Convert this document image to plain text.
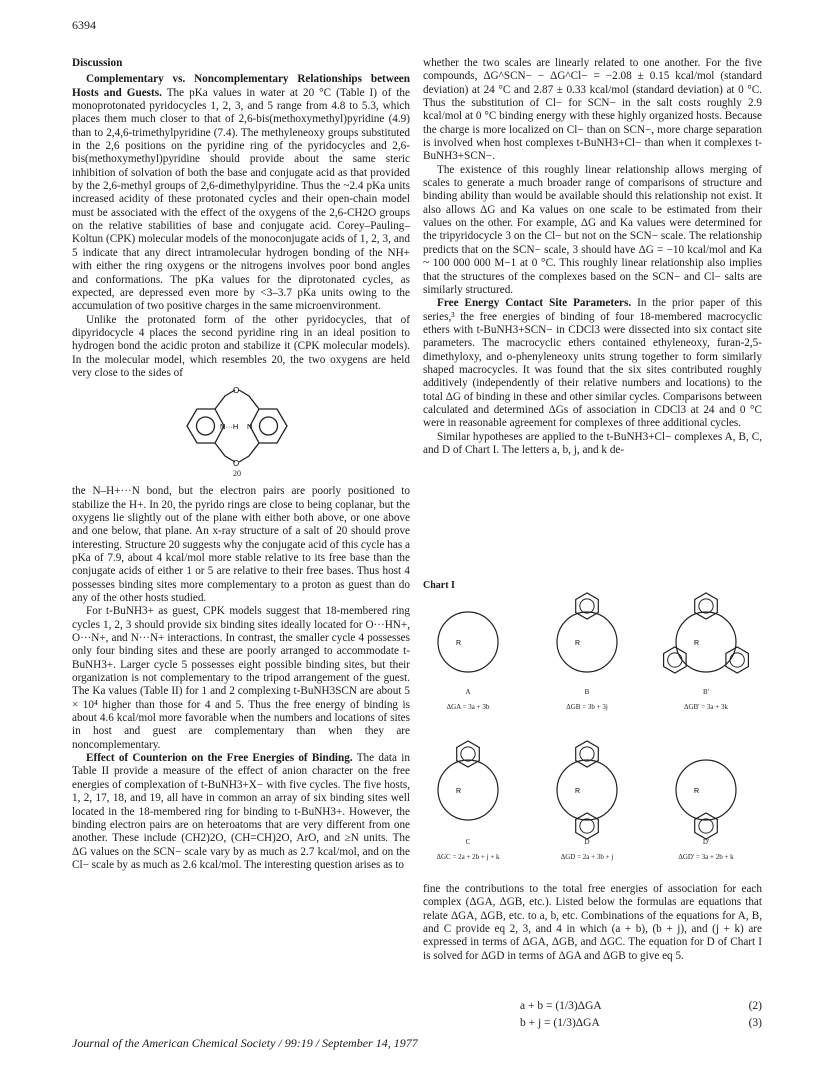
6394
Discussion

Complementary vs. Noncomplementary Relationships between Hosts and Guests. The pKa values in water at 20 °C (Table I) of the monoprotonated pyridocycles 1, 2, 3, and 5 range from 4.8 to 5.3, which places them much closer to that of 2,6-bis(methoxymethyl)pyridine (4.9) than to 2,4,6-trimethylpyridine (7.4). The methyleneoxy groups substituted in the 2,6 positions on the pyridine ring of the pyridocycles and 2,6-bis(methoxymethyl)pyridine should provide about the same steric inhibition of solvation of both the base and conjugate acid as that provided by the 2,6-methyl groups of 2,6-dimethylpyridine. Thus the ~2.4 pKa units increased acidity of these protonated cycles and their open-chain model must be associated with the effect of the oxygens of the 2,6-CH2O groups on the relative stabilities of base and conjugate acid. Corey–Pauling–Koltun (CPK) molecular models of the monoconjugate acids of 1, 2, 3, and 5 indicate that any direct intramolecular hydrogen bonding of the NH+ with either the ring oxygens or the nitrogens involves poor bond angles and conformations. The pKa values for the diprotonated cycles, as expected, are depressed even more by <3–3.7 pKa units owing to the accumulation of two positive charges in the same microenvironment.

Unlike the protonated form of the other pyridocycles, that of dipyridocycle 4 places the second pyridine ring in an ideal position to hydrogen bond the acidic proton and stabilize it (CPK molecular models). In the molecular model, which resembles 20, the two oxygens are held very close to the sides of

O
O
N···H N
20

the N–H+···N bond, but the electron pairs are poorly positioned to stabilize the H+. In 20, the pyrido rings are close to being coplanar, but the oxygens lie slightly out of the plane with either both above, or one above and one below, that plane. An x-ray structure of a salt of 20 should prove interesting. Structure 20 suggests why the conjugate acid of this cycle has a pKa of 7.9, about 4 kcal/mol more stable relative to its free base than the conjugate acids of either 1 or 5 are relative to their free bases. Thus host 4 possesses binding sites more complementary to a proton as guest than do any of the other hosts studied.

For t-BuNH3+ as guest, CPK models suggest that 18-membered ring cycles 1, 2, 3 should provide six binding sites ideally located for O···HN+, O···N+, and N···N+ interactions. In contrast, the smaller cycle 4 possesses only four binding sites and these are poorly arranged to accommodate t-BuNH3+. Larger cycle 5 possesses eight possible binding sites, but their organization is not complementary to the tripod arrangement of the guest. The Ka values (Table II) for 1 and 2 complexing t-BuNH3SCN are about 5 × 10⁴ higher than those for 4 and 5. Thus the free energy of binding is about 4.6 kcal/mol more favorable when the numbers and locations of sites in host and guest are complementary than when they are noncomplementary.

Effect of Counterion on the Free Energies of Binding. The data in Table II provide a measure of the effect of anion character on the free energies of complexation of t-BuNH3+X− with five cycles. The five hosts, 1, 2, 17, 18, and 19, all have in common an array of six binding sites well located in the 18-membered ring for binding to t-BuNH3+. However, the binding electron pairs are on heteroatoms that are very different from one another. These include (CH2)2O, (CH=CH)2O, ArO, and ≥N units. The ΔG values on the SCN− scale vary by as much as 2.7 kcal/mol, and on the Cl− scale by as much as 2.6 kcal/mol. The interesting question arises as to

whether the two scales are linearly related to one another. For the five compounds, ΔG^SCN− − ΔG^Cl− = −2.08 ± 0.15 kcal/mol (standard deviation) at 24 °C and 2.87 ± 0.33 kcal/mol (standard deviation) at 0 °C. Thus the substitution of Cl− for SCN− in the salt costs roughly 2.9 kcal/mol at 0 °C binding energy with these highly organized hosts. Because the charge is more localized on Cl− than on SCN−, more charge separation is involved when host complexes t-BuNH3+Cl− than when it complexes t-BuNH3+SCN−.

The existence of this roughly linear relationship allows merging of scales to generate a much broader range of comparisons of structure and binding ability than would be available should this relationship not exist. It also allows ΔG and Ka values on one scale to be estimated from their values on the other. For example, ΔG and Ka values were determined for the tripyridocycle 3 on the Cl− but not on the SCN− scale. The relationship predicts that on the SCN− scale, 3 should have ΔG = −10 kcal/mol and Ka ~ 100 000 000 M−1 at 0 °C. This roughly linear relationship also implies that the structures of the complexes based on the SCN− and Cl− salts are similarly structured.

Free Energy Contact Site Parameters. In the prior paper of this series,³ the free energies of binding of four 18-membered macrocyclic ethers with t-BuNH3+SCN− in CDCl3 were dissected into six contact site parameters. The macrocyclic ethers contained ethyleneoxy, furan-2,5-dimethyloxy, and o-phenyleneoxy units strung together to form similarly shaped macrocycles. It was found that the six sites contributed roughly additively (independently of their relative numbers and locations) to the total ΔG of binding in these and other similar cycles. Comparisons between calculated and determined ΔGs of association in CDCl3 at 24 and 0 °C were in reasonable agreement for complexes of three additional cycles.

Similar hypotheses are applied to the t-BuNH3+Cl− complexes A, B, C, and D of Chart I. The letters a, b, j, and k de-

Chart I
R	R	R
R	R	R
A	B	B'
ΔGA = 3a + 3b	ΔGB = 3b + 3j	ΔGB' = 3a + 3k
C	D	D'
ΔGC = 2a + 2b + j + k	ΔGD = 2a + 3b + j	ΔGD' = 3a + 2b + k

fine the contributions to the total free energies of association for each complex (ΔGA, ΔGB, etc.). Listed below the formulas are equations that relate ΔGA, ΔGB, etc. to a, b, etc. Combinations of the equations for A, B, and C provide eq 2, 3, and 4 in which (a + b), (b + j), and (j + k) are expressed in terms of ΔGA, ΔGB, and ΔGC. The equation for D of Chart I is solved for ΔGD in terms of ΔGA and ΔGB to give eq 5.

a + b = (1/3)ΔGA	(2)
b + j = (1/3)ΔGA	(3)
Journal of the American Chemical Society / 99:19 / September 14, 1977
